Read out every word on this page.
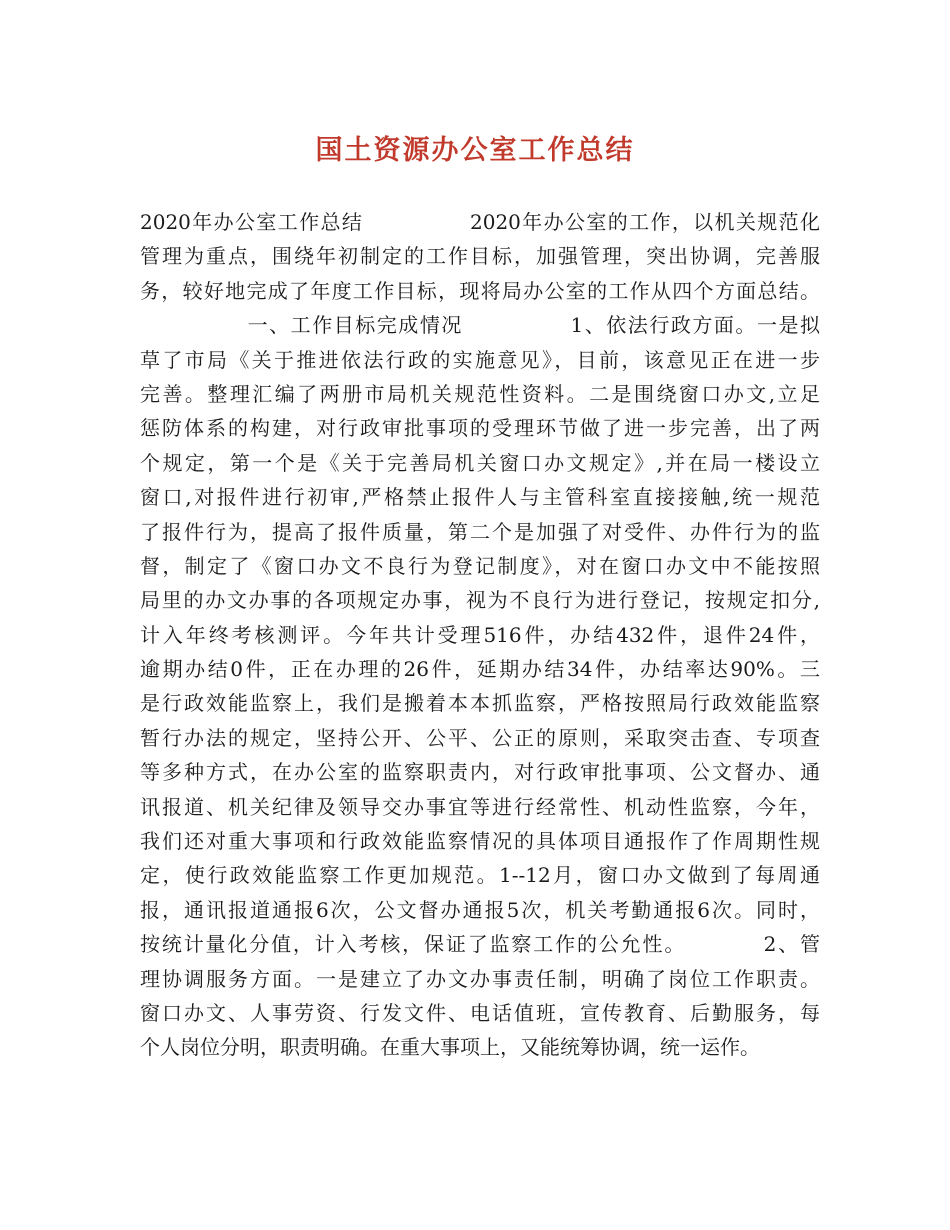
国土资源办公室工作总结
2020年办公室工作总结　　　　　2020年办公室的工作，以机关规范化
管理为重点，围绕年初制定的工作目标，加强管理，突出协调，完善服
务，较好地完成了年度工作目标，现将局办公室的工作从四个方面总结。
　　　　　一、工作目标完成情况　　　　　1、依法行政方面。一是拟
草了市局《关于推进依法行政的实施意见》，目前，该意见正在进一步
完善。整理汇编了两册市局机关规范性资料。二是围绕窗口办文,立足
惩防体系的构建，对行政审批事项的受理环节做了进一步完善，出了两
个规定，第一个是《关于完善局机关窗口办文规定》,并在局一楼设立
窗口,对报件进行初审,严格禁止报件人与主管科室直接接触,统一规范
了报件行为，提高了报件质量，第二个是加强了对受件、办件行为的监
督，制定了《窗口办文不良行为登记制度》，对在窗口办文中不能按照
局里的办文办事的各项规定办事，视为不良行为进行登记，按规定扣分,
计入年终考核测评。今年共计受理516件，办结432件，退件24件，
逾期办结0件，正在办理的26件，延期办结34件，办结率达90%。三
是行政效能监察上，我们是搬着本本抓监察，严格按照局行政效能监察
暂行办法的规定，坚持公开、公平、公正的原则，采取突击查、专项查
等多种方式，在办公室的监察职责内，对行政审批事项、公文督办、通
讯报道、机关纪律及领导交办事宜等进行经常性、机动性监察，今年，
我们还对重大事项和行政效能监察情况的具体项目通报作了作周期性规
定，使行政效能监察工作更加规范。1--12月，窗口办文做到了每周通
报，通讯报道通报6次，公文督办通报5次，机关考勤通报6次。同时，
按统计量化分值，计入考核，保证了监察工作的公允性。　　　　2、管
理协调服务方面。一是建立了办文办事责任制，明确了岗位工作职责。
窗口办文、人事劳资、行发文件、电话值班，宣传教育、后勤服务，每
个人岗位分明，职责明确。在重大事项上，又能统筹协调，统一运作。
